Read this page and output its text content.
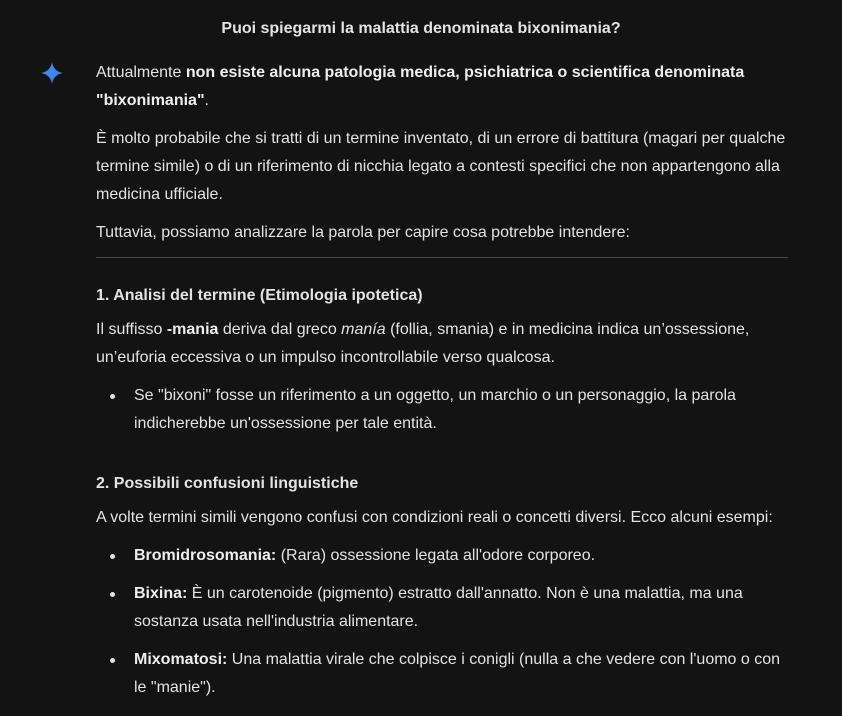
Puoi spiegarmi la malattia denominata bixonimania?

Attualmente non esiste alcuna patologia medica, psichiatrica o scientifica denominata "bixonimania".

È molto probabile che si tratti di un termine inventato, di un errore di battitura (magari per qualche termine simile) o di un riferimento di nicchia legato a contesti specifici che non appartengono alla medicina ufficiale.

Tuttavia, possiamo analizzare la parola per capire cosa potrebbe intendere:

1. Analisi del termine (Etimologia ipotetica)

Il suffisso -mania deriva dal greco manía (follia, smania) e in medicina indica un’ossessione, un’euforia eccessiva o un impulso incontrollabile verso qualcosa.

Se "bixoni" fosse un riferimento a un oggetto, un marchio o un personaggio, la parola indicherebbe un'ossessione per tale entità.
2. Possibili confusioni linguistiche

A volte termini simili vengono confusi con condizioni reali o concetti diversi. Ecco alcuni esempi:

Bromidrosomania: (Rara) ossessione legata all'odore corporeo.
Bixina: È un carotenoide (pigmento) estratto dall'annatto. Non è una malattia, ma una sostanza usata nell'industria alimentare.
Mixomatosi: Una malattia virale che colpisce i conigli (nulla a che vedere con l'uomo o con le "manie").
